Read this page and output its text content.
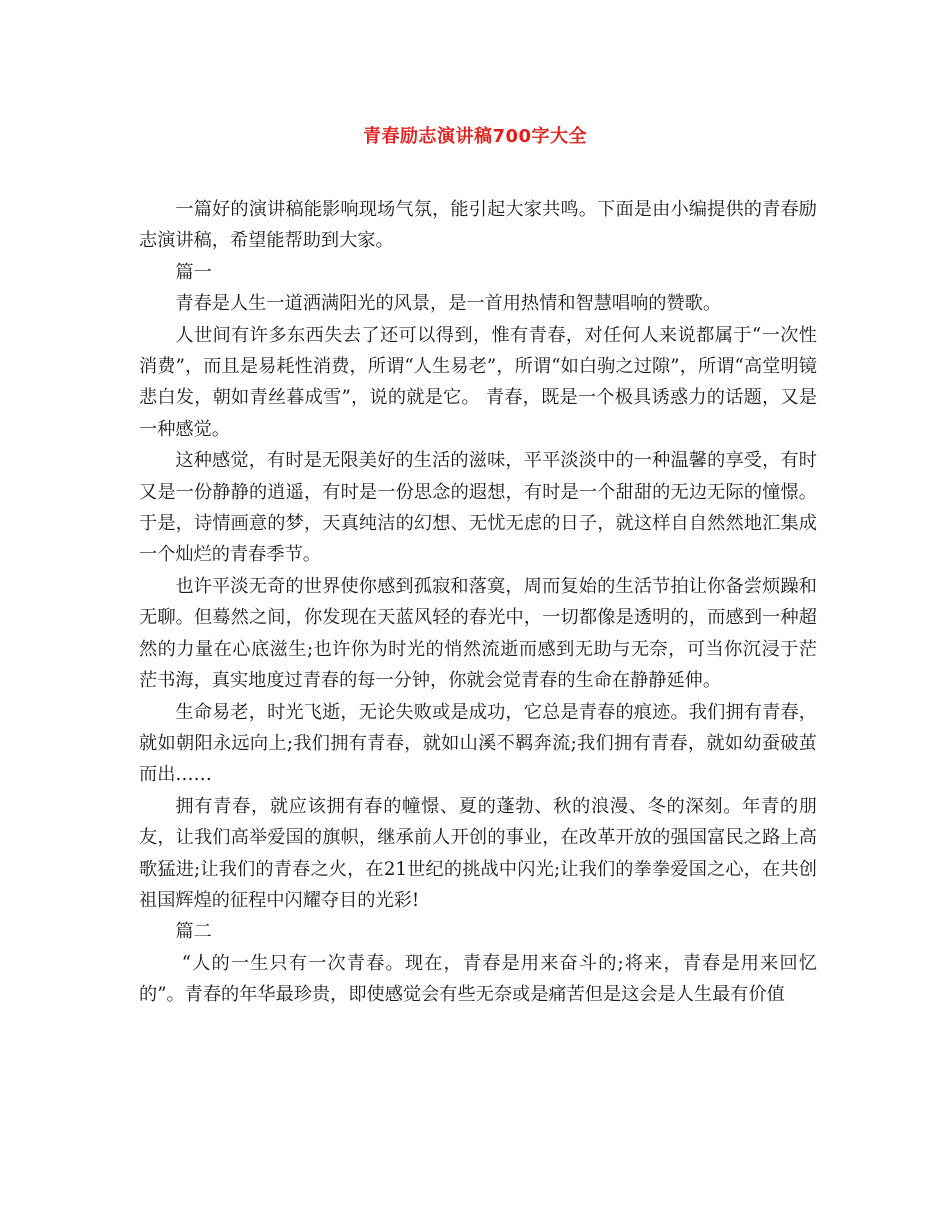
青春励志演讲稿700字大全

一篇好的演讲稿能影响现场气氛，能引起大家共鸣。下面是由小编提供的青春励志演讲稿，希望能帮助到大家。

篇一

青春是人生一道洒满阳光的风景，是一首用热情和智慧唱响的赞歌。

人世间有许多东西失去了还可以得到，惟有青春，对任何人来说都属于“一次性消费”，而且是易耗性消费，所谓“人生易老”，所谓“如白驹之过隙”，所谓“高堂明镜悲白发，朝如青丝暮成雪”，说的就是它。 青春，既是一个极具诱惑力的话题，又是一种感觉。

这种感觉，有时是无限美好的生活的滋味，平平淡淡中的一种温馨的享受，有时又是一份静静的逍遥，有时是一份思念的遐想，有时是一个甜甜的无边无际的憧憬。于是，诗情画意的梦，天真纯洁的幻想、无忧无虑的日子，就这样自自然然地汇集成一个灿烂的青春季节。

也许平淡无奇的世界使你感到孤寂和落寞，周而复始的生活节拍让你备尝烦躁和无聊。但蓦然之间，你发现在天蓝风轻的春光中，一切都像是透明的，而感到一种超然的力量在心底滋生;也许你为时光的悄然流逝而感到无助与无奈，可当你沉浸于茫茫书海，真实地度过青春的每一分钟，你就会觉青春的生命在静静延伸。

生命易老，时光飞逝，无论失败或是成功，它总是青春的痕迹。我们拥有青春，就如朝阳永远向上;我们拥有青春，就如山溪不羁奔流;我们拥有青春，就如幼蚕破茧而出……

拥有青春，就应该拥有春的幢憬、夏的蓬勃、秋的浪漫、冬的深刻。年青的朋友，让我们高举爱国的旗帜，继承前人开创的事业，在改革开放的强国富民之路上高歌猛进;让我们的青春之火，在21世纪的挑战中闪光;让我们的拳拳爱国之心，在共创祖国辉煌的征程中闪耀夺目的光彩!

篇二

“人的一生只有一次青春。现在，青春是用来奋斗的;将来，青春是用来回忆的”。青春的年华最珍贵，即使感觉会有些无奈或是痛苦但是这会是人生最有价值
